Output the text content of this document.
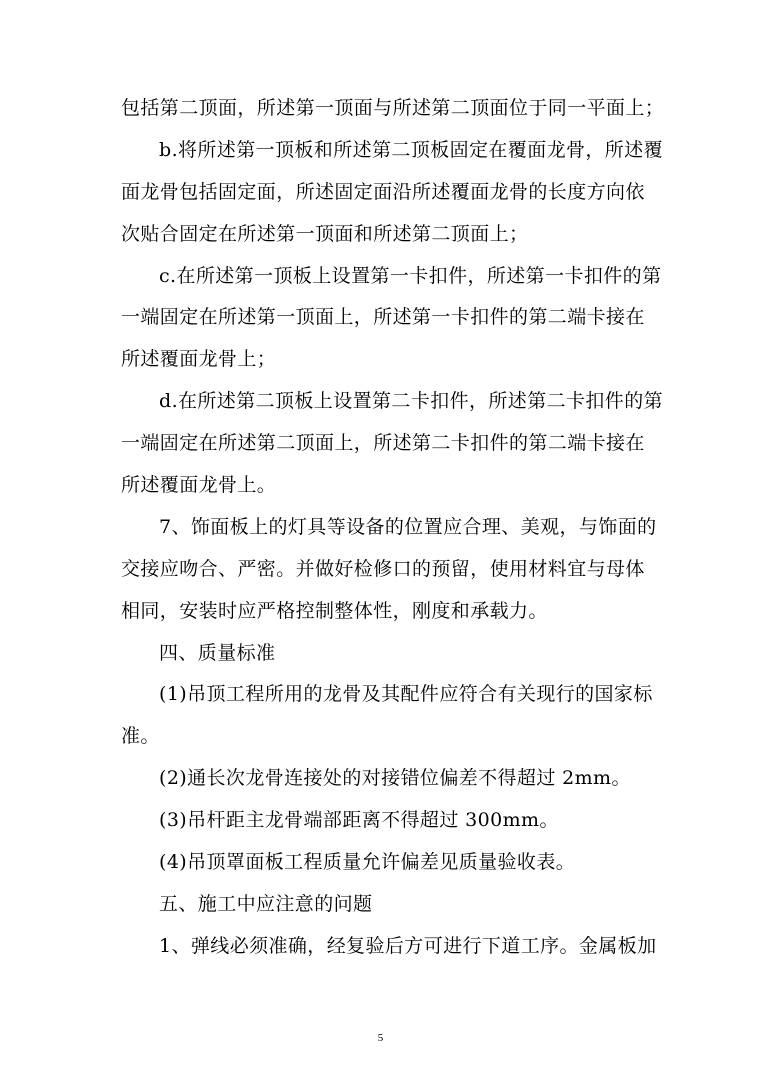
包括第二顶面，所述第一顶面与所述第二顶面位于同一平面上；
b.将所述第一顶板和所述第二顶板固定在覆面龙骨，所述覆
面龙骨包括固定面，所述固定面沿所述覆面龙骨的长度方向依
次贴合固定在所述第一顶面和所述第二顶面上；
c.在所述第一顶板上设置第一卡扣件，所述第一卡扣件的第
一端固定在所述第一顶面上，所述第一卡扣件的第二端卡接在
所述覆面龙骨上；
d.在所述第二顶板上设置第二卡扣件，所述第二卡扣件的第
一端固定在所述第二顶面上，所述第二卡扣件的第二端卡接在
所述覆面龙骨上。
7、饰面板上的灯具等设备的位置应合理、美观，与饰面的
交接应吻合、严密。并做好检修口的预留，使用材料宜与母体
相同，安装时应严格控制整体性，刚度和承载力。
四、质量标准
(1)吊顶工程所用的龙骨及其配件应符合有关现行的国家标
准。
(2)通长次龙骨连接处的对接错位偏差不得超过 2mm。
(3)吊杆距主龙骨端部距离不得超过 300mm。
(4)吊顶罩面板工程质量允许偏差见质量验收表。
五、施工中应注意的问题
1、弹线必须准确，经复验后方可进行下道工序。金属板加
5
